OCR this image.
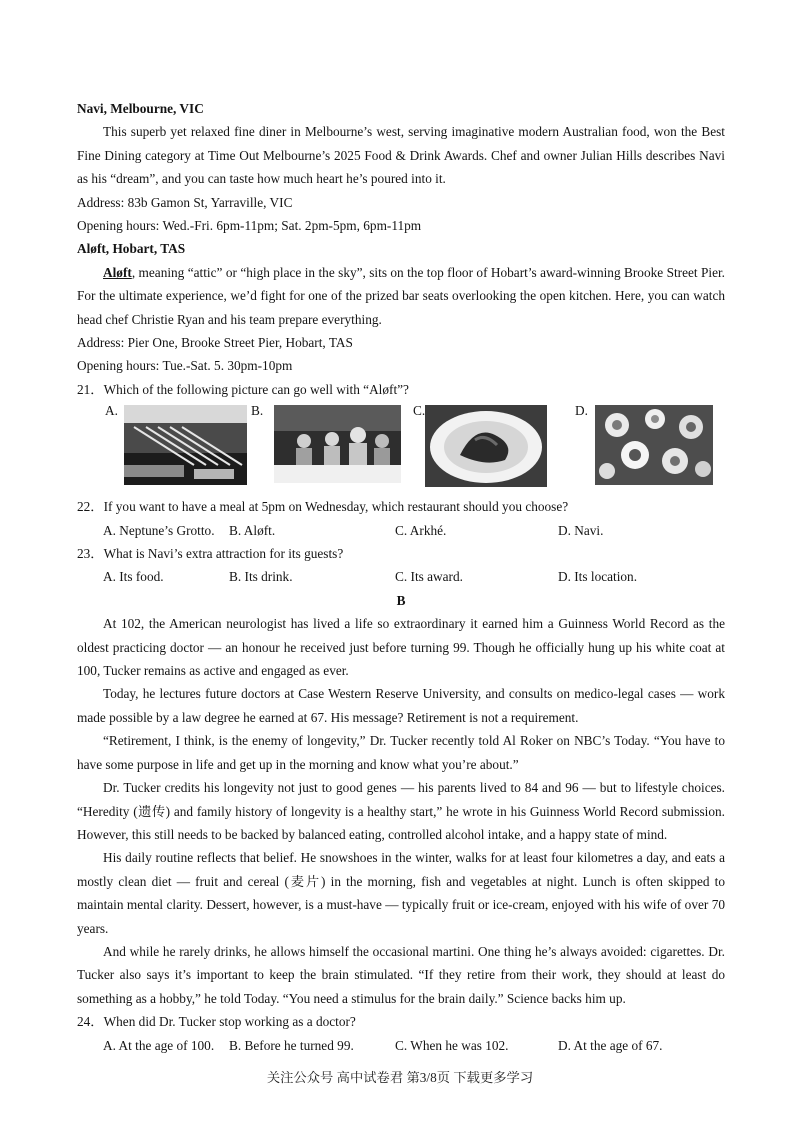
Navi, Melbourne, VIC

This superb yet relaxed fine diner in Melbourne’s west, serving imaginative modern Australian food, won the Best Fine Dining category at Time Out Melbourne’s 2025 Food & Drink Awards. Chef and owner Julian Hills describes Navi as his “dream”, and you can taste how much heart he’s poured into it.

Address: 83b Gamon St, Yarraville, VIC

Opening hours: Wed.-Fri. 6pm-11pm; Sat. 2pm-5pm, 6pm-11pm

Aløft, Hobart, TAS

Aløft, meaning “attic” or “high place in the sky”, sits on the top floor of Hobart’s award-winning Brooke Street Pier. For the ultimate experience, we’d fight for one of the prized bar seats overlooking the open kitchen. Here, you can watch head chef Christie Ryan and his team prepare everything.

Address: Pier One, Brooke Street Pier, Hobart, TAS

Opening hours: Tue.-Sat. 5. 30pm-10pm

21．Which of the following picture can go well with “Aløft”?

A.	B.	C.	D.

22．If you want to have a meal at 5pm on Wednesday, which restaurant should you choose?

A. Neptune’s Grotto.	B. Aløft.	C. Arkhé.	D. Navi.

23．What is Navi’s extra attraction for its guests?

A. Its food.	B. Its drink.	C. Its award.	D. Its location.

B

At 102, the American neurologist has lived a life so extraordinary it earned him a Guinness World Record as the oldest practicing doctor — an honour he received just before turning 99. Though he officially hung up his white coat at 100, Tucker remains as active and engaged as ever.

Today, he lectures future doctors at Case Western Reserve University, and consults on medico-legal cases — work made possible by a law degree he earned at 67. His message? Retirement is not a requirement.

“Retirement, I think, is the enemy of longevity,” Dr. Tucker recently told Al Roker on NBC’s Today. “You have to have some purpose in life and get up in the morning and know what you’re about.”

Dr. Tucker credits his longevity not just to good genes — his parents lived to 84 and 96 — but to lifestyle choices. “Heredity (遗传) and family history of longevity is a healthy start,” he wrote in his Guinness World Record submission. However, this still needs to be backed by balanced eating, controlled alcohol intake, and a happy state of mind.

His daily routine reflects that belief. He snowshoes in the winter, walks for at least four kilometres a day, and eats a mostly clean diet — fruit and cereal (麦片) in the morning, fish and vegetables at night. Lunch is often skipped to maintain mental clarity. Dessert, however, is a must-have — typically fruit or ice-cream, enjoyed with his wife of over 70 years.

And while he rarely drinks, he allows himself the occasional martini. One thing he’s always avoided: cigarettes. Dr. Tucker also says it’s important to keep the brain stimulated. “If they retire from their work, they should at least do something as a hobby,” he told Today. “You need a stimulus for the brain daily.” Science backs him up.

24．When did Dr. Tucker stop working as a doctor?

A. At the age of 100.	B. Before he turned 99.	C. When he was 102.	D. At the age of 67.
关注公众号 高中试卷君 第3/8页 下载更多学习
